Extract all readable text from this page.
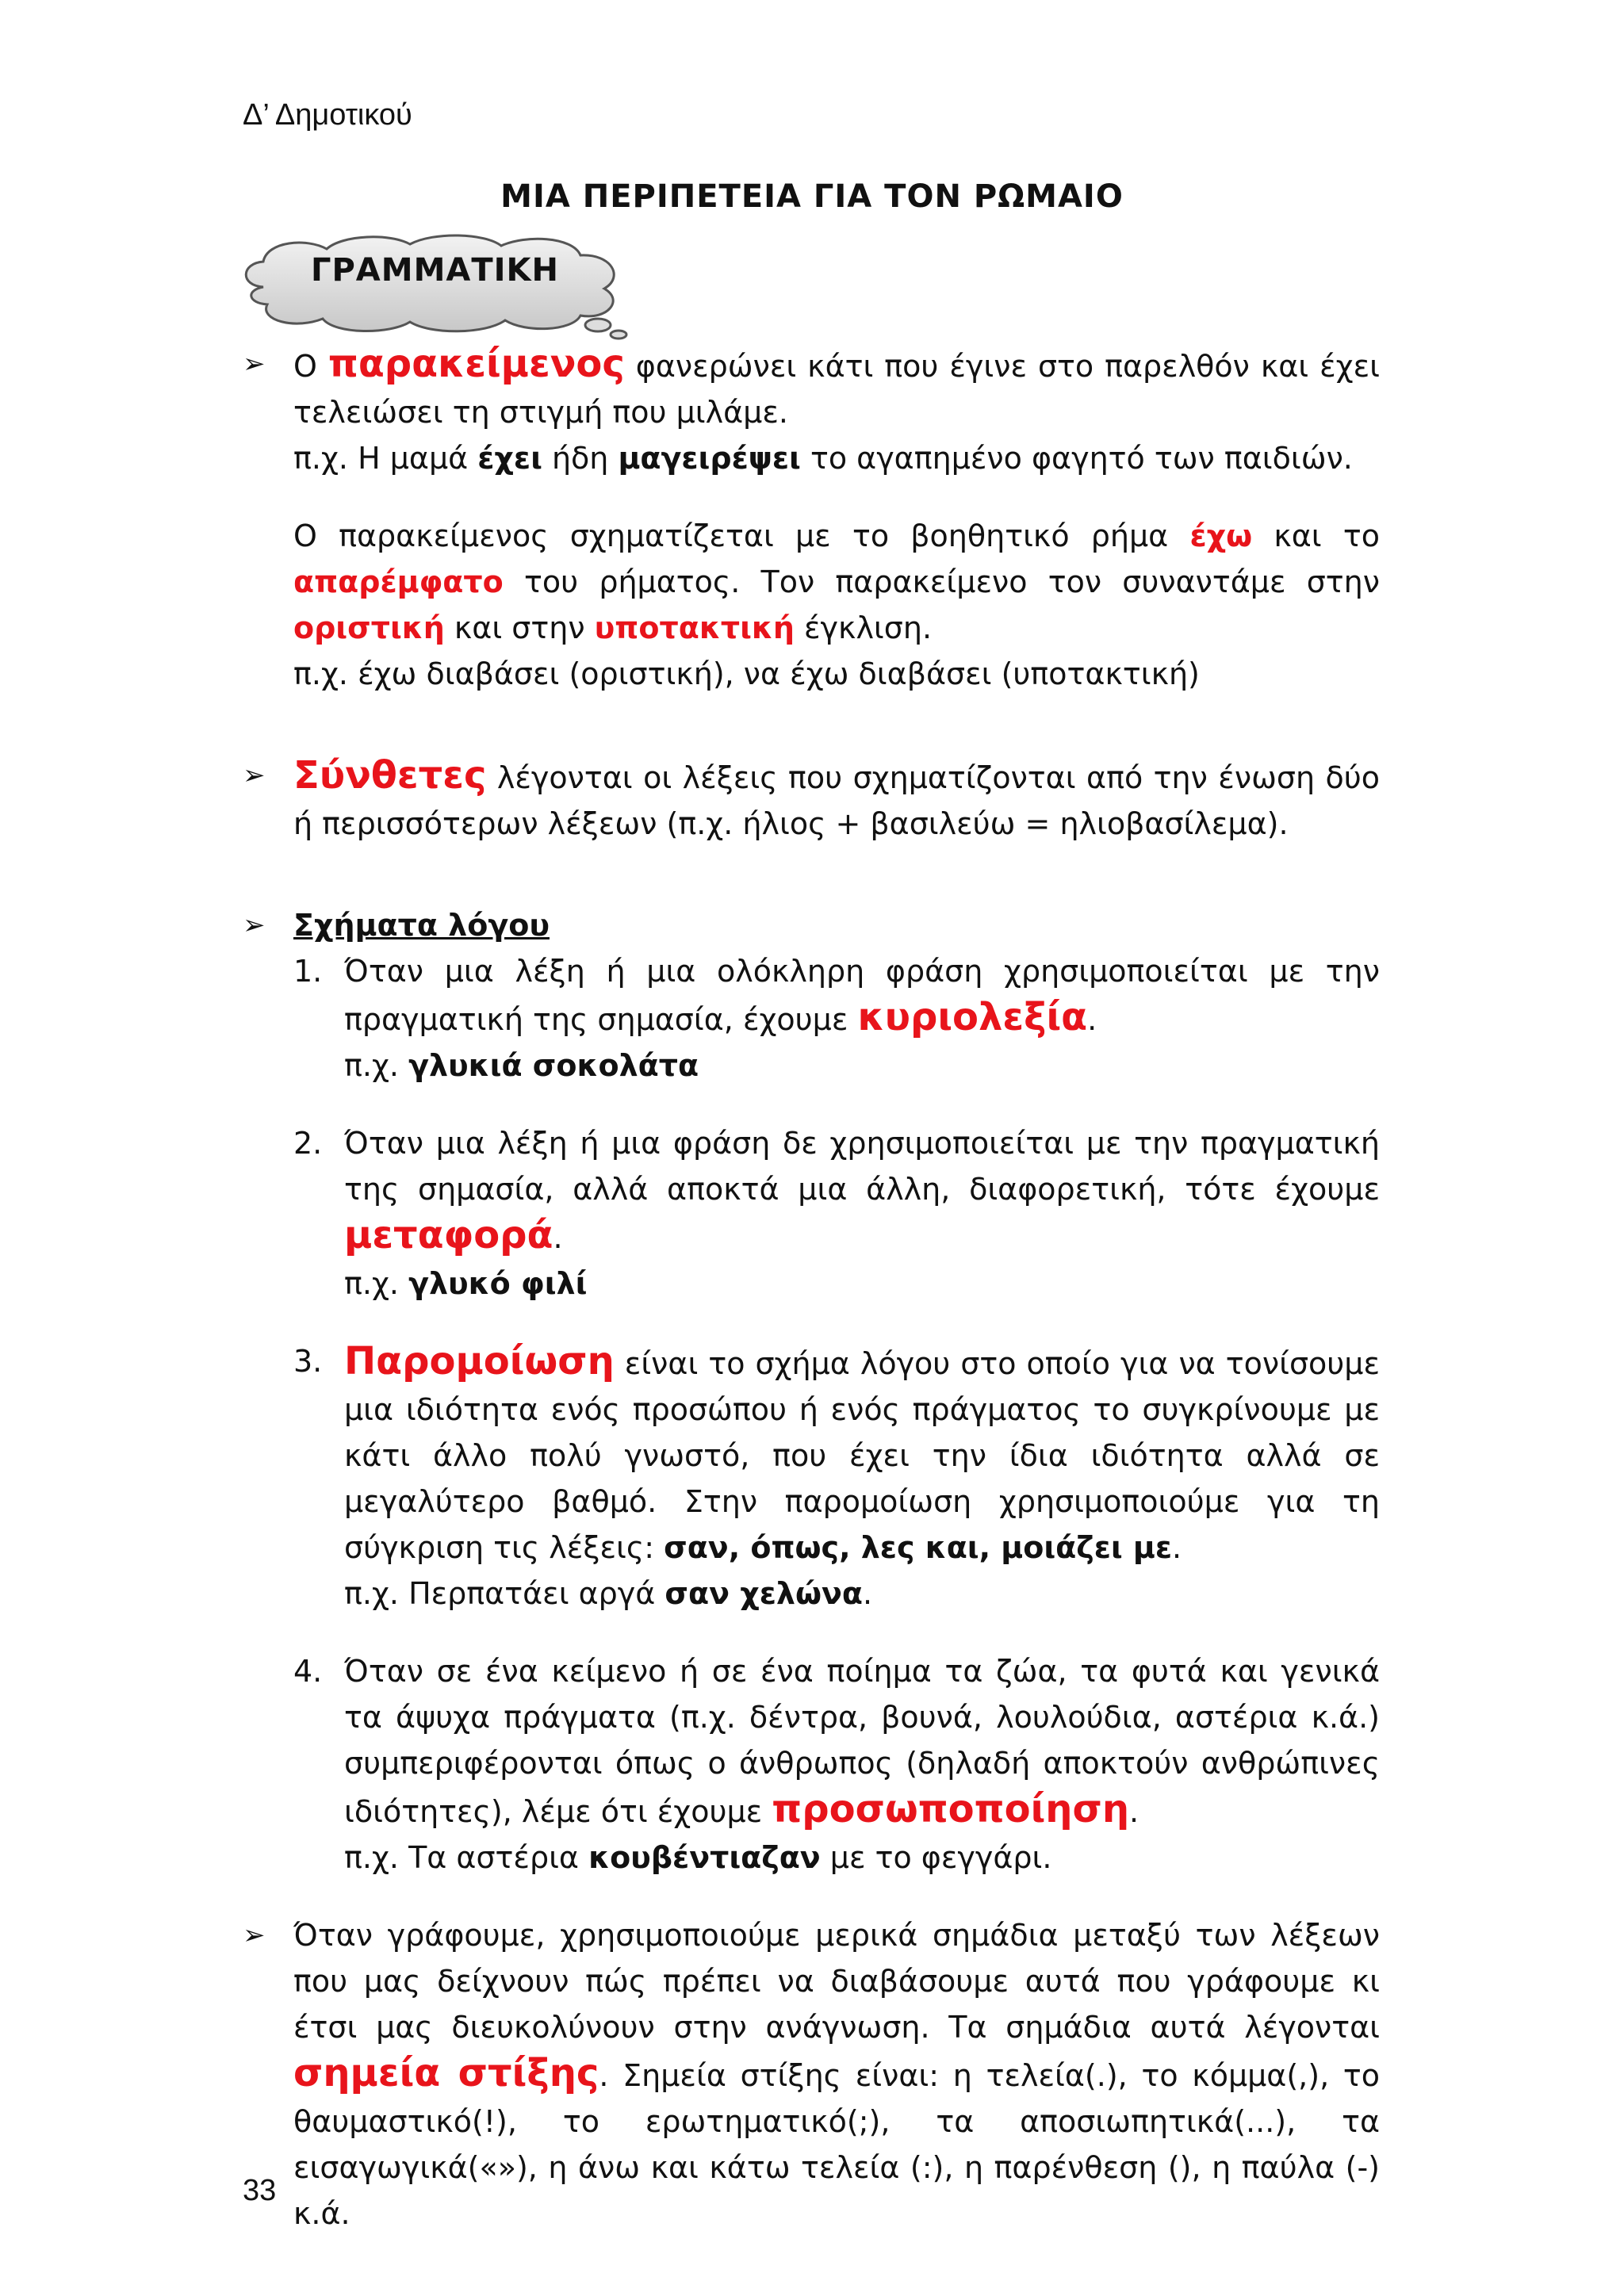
Δ’ Δημοτικού
ΜΙΑ ΠΕΡΙΠΕΤΕΙΑ ΓΙΑ ΤΟΝ ΡΩΜΑΙΟ
ΓΡΑΜΜΑΤΙΚΗ
➢ Ο παρακείμενος φανερώνει κάτι που έγινε στο παρελθόν και έχει τελειώσει τη στιγμή που μιλάμε.

π.χ. Η μαμά έχει ήδη μαγειρέψει το αγαπημένο φαγητό των παιδιών.

Ο παρακείμενος σχηματίζεται με το βοηθητικό ρήμα έχω και το απαρέμφατο του ρήματος. Τον παρακείμενο τον συναντάμε στην οριστική και στην υποτακτική έγκλιση.

π.χ. έχω διαβάσει (οριστική), να έχω διαβάσει (υποτακτική)

➢ Σύνθετες λέγονται οι λέξεις που σχηματίζονται από την ένωση δύο ή περισσότερων λέξεων (π.χ. ήλιος + βασιλεύω = ηλιοβασίλεμα).

➢ Σχήματα λόγου

1. Όταν μια λέξη ή μια ολόκληρη φράση χρησιμοποιείται με την πραγματική της σημασία, έχουμε κυριολεξία.

π.χ. γλυκιά σοκολάτα

2. Όταν μια λέξη ή μια φράση δε χρησιμοποιείται με την πραγματική της σημασία, αλλά αποκτά μια άλλη, διαφορετική, τότε έχουμε μεταφορά.

π.χ. γλυκό φιλί

3. Παρομοίωση είναι το σχήμα λόγου στο οποίο για να τονίσουμε μια ιδιότητα ενός προσώπου ή ενός πράγματος το συγκρίνουμε με κάτι άλλο πολύ γνωστό, που έχει την ίδια ιδιότητα αλλά σε μεγαλύτερο βαθμό. Στην παρομοίωση χρησιμοποιούμε για τη σύγκριση τις λέξεις: σαν, όπως, λες και, μοιάζει με.

π.χ. Περπατάει αργά σαν χελώνα.

4. Όταν σε ένα κείμενο ή σε ένα ποίημα τα ζώα, τα φυτά και γενικά τα άψυχα πράγματα (π.χ. δέντρα, βουνά, λουλούδια, αστέρια κ.ά.) συμπεριφέρονται όπως ο άνθρωπος (δηλαδή αποκτούν ανθρώπινες ιδιότητες), λέμε ότι έχουμε προσωποποίηση.

π.χ. Τα αστέρια κουβέντιαζαν με το φεγγάρι.

➢ Όταν γράφουμε, χρησιμοποιούμε μερικά σημάδια μεταξύ των λέξεων που μας δείχνουν πώς πρέπει να διαβάσουμε αυτά που γράφουμε κι έτσι μας διευκολύνουν στην ανάγνωση. Τα σημάδια αυτά λέγονται σημεία στίξης. Σημεία στίξης είναι: η τελεία(.), το κόμμα(,), το θαυμαστικό(!), το ερωτηματικό(;), τα αποσιωπητικά(...), τα εισαγωγικά(«»), η άνω και κάτω τελεία (:), η παρένθεση (), η παύλα (-) κ.ά.

33
